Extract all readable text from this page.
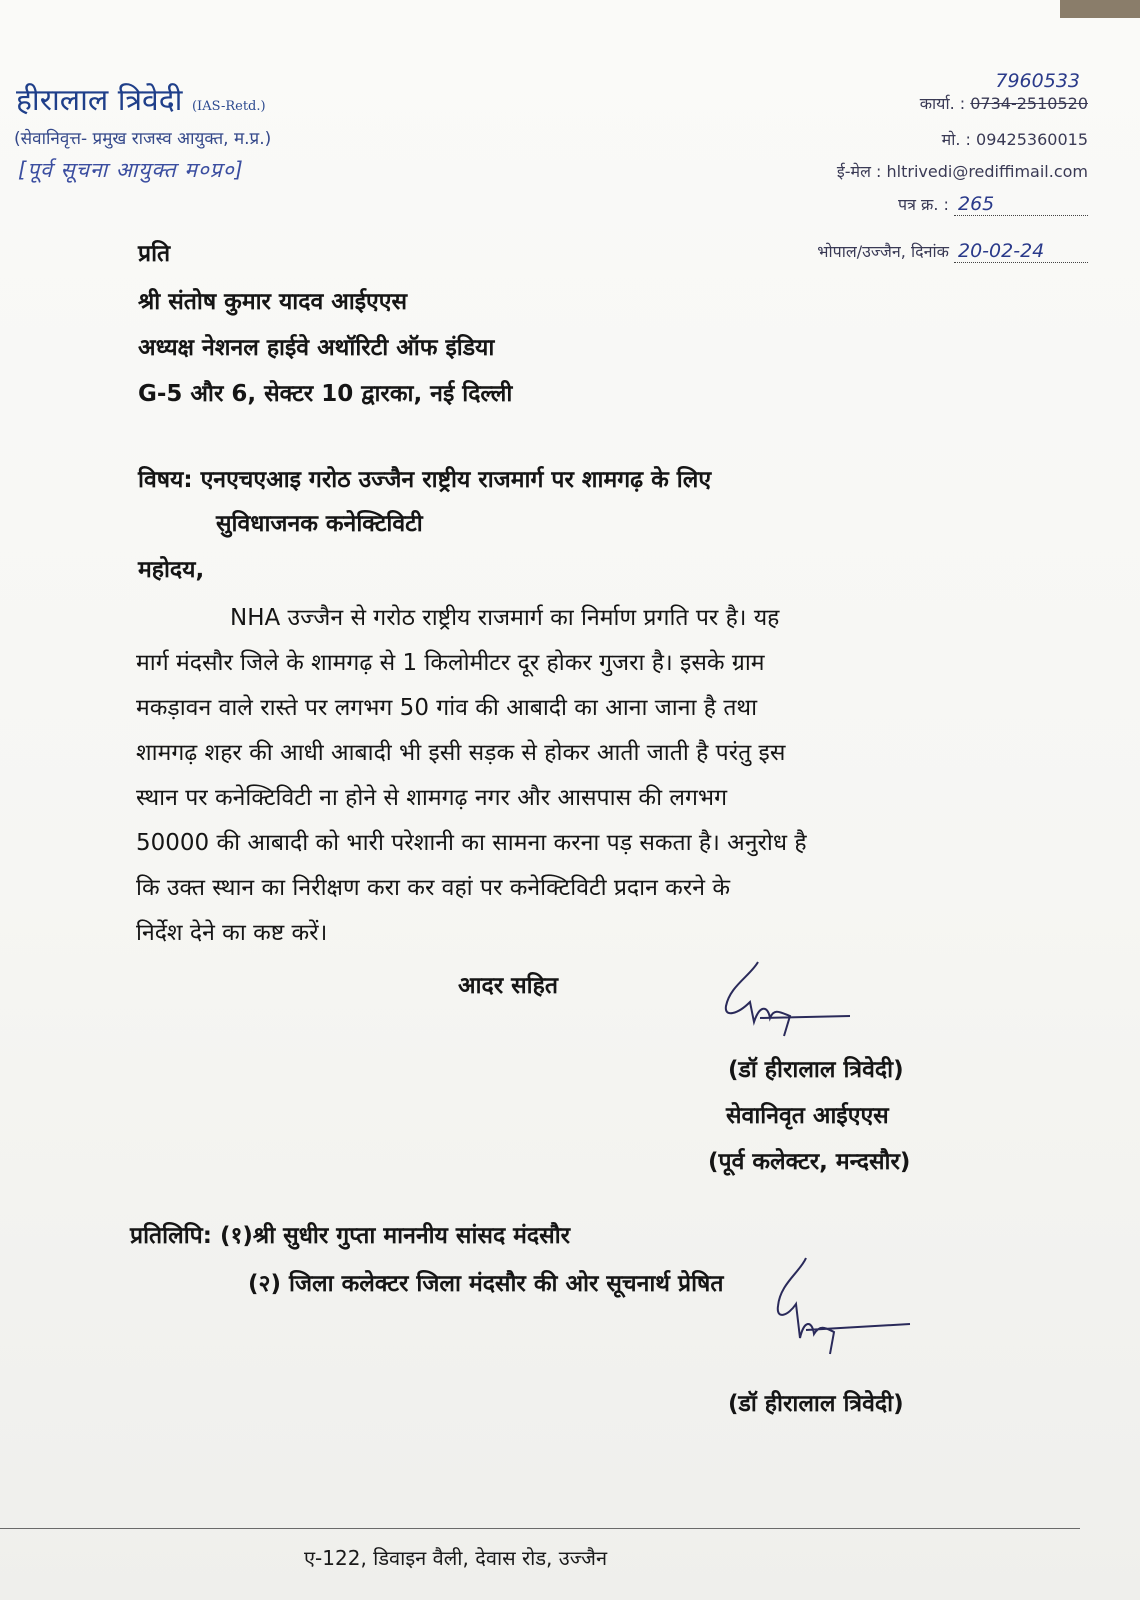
हीरालाल त्रिवेदी (IAS-Retd.)
(सेवानिवृत्त- प्रमुख राजस्व आयुक्त, म.प्र.)
[पूर्व सूचना आयुक्त म०प्र०]
7960533
कार्या. : 0734-2510520
मो. : 09425360015
ई-मेल : hltrivedi@rediffimail.com
पत्र क्र. : 265
भोपाल/उज्जैन, दिनांक 20-02-24
प्रति
श्री संतोष कुमार यादव आईएएस
अध्यक्ष नेशनल हाईवे अथॉरिटी ऑफ इंडिया
G-5 और 6, सेक्टर 10 द्वारका, नई दिल्ली
विषय: एनएचएआइ गरोठ उज्जैन राष्ट्रीय राजमार्ग पर शामगढ़ के लिए
सुविधाजनक कनेक्टिविटी
महोदय,
NHA उज्जैन से गरोठ राष्ट्रीय राजमार्ग का निर्माण प्रगति पर है। यह
मार्ग मंदसौर जिले के शामगढ़ से 1 किलोमीटर दूर होकर गुजरा है। इसके ग्राम
मकड़ावन वाले रास्ते पर लगभग 50 गांव की आबादी का आना जाना है तथा
शामगढ़ शहर की आधी आबादी भी इसी सड़क से होकर आती जाती है परंतु इस
स्थान पर कनेक्टिविटी ना होने से शामगढ़ नगर और आसपास की लगभग
50000 की आबादी को भारी परेशानी का सामना करना पड़ सकता है। अनुरोध है
कि उक्त स्थान का निरीक्षण करा कर वहां पर कनेक्टिविटी प्रदान करने के
निर्देश देने का कष्ट करें।
आदर सहित
(डॉ हीरालाल त्रिवेदी)
सेवानिवृत आईएएस
(पूर्व कलेक्टर, मन्दसौर)
प्रतिलिपि: (१)श्री सुधीर गुप्ता माननीय सांसद मंदसौर
(२) जिला कलेक्टर जिला मंदसौर की ओर सूचनार्थ प्रेषित
(डॉ हीरालाल त्रिवेदी)
ए-122, डिवाइन वैली, देवास रोड, उज्जैन
